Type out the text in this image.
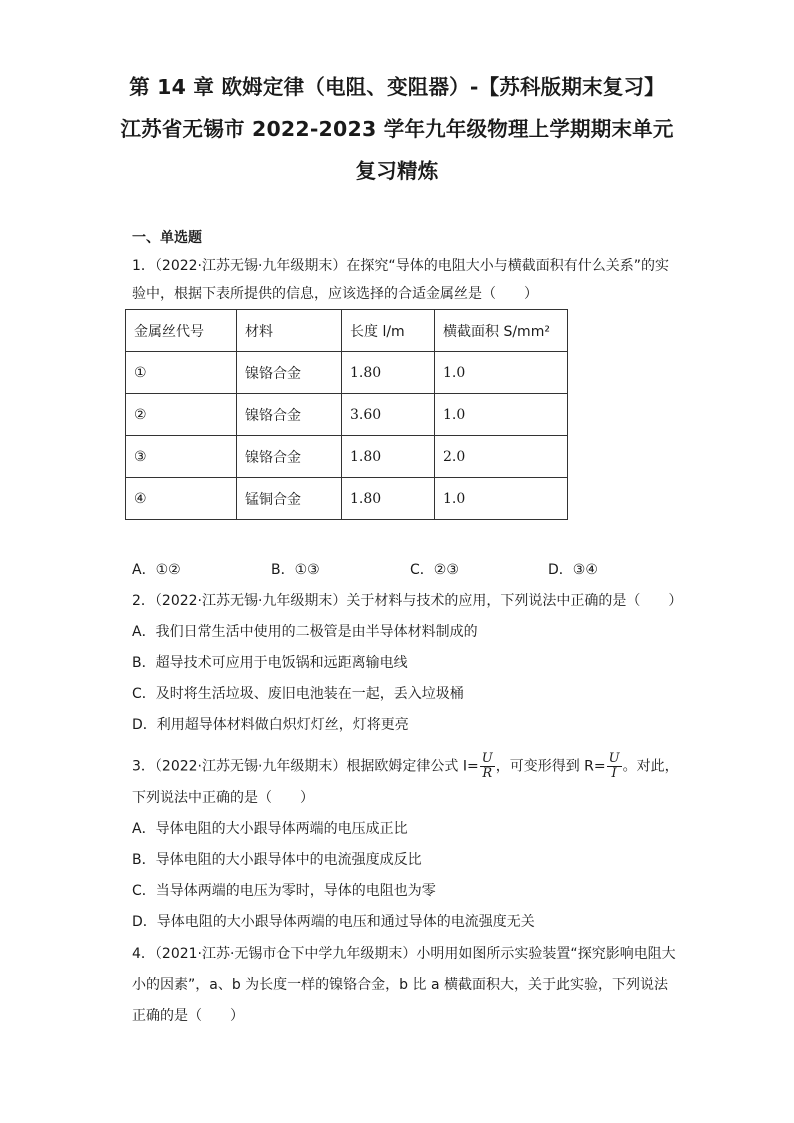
第 14 章 欧姆定律（电阻、变阻器）-【苏科版期末复习】江苏省无锡市 2022-2023 学年九年级物理上学期期末单元复习精炼
一、单选题
1．（2022·江苏无锡·九年级期末）在探究“导体的电阻大小与横截面积有什么关系”的实
验中，根据下表所提供的信息，应该选择的合适金属丝是（　　）
金属丝代号	材料	长度 l/m	横截面积 S/mm²
①	镍铬合金	1.80	1.0
②	镍铬合金	3.60	1.0
③	镍铬合金	1.80	2.0
④	锰铜合金	1.80	1.0
A．①②	B．①③	C．②③	D．③④
2．（2022·江苏无锡·九年级期末）关于材料与技术的应用，下列说法中正确的是（　　）
A．我们日常生活中使用的二极管是由半导体材料制成的
B．超导技术可应用于电饭锅和远距离输电线
C．及时将生活垃圾、废旧电池装在一起，丢入垃圾桶
D．利用超导体材料做白炽灯灯丝，灯将更亮
3．（2022·江苏无锡·九年级期末）根据欧姆定律公式 $I= \frac{U}{R}$ ，可变形得到 $R= \frac{U}{I}$ 。对此，
下列说法中正确的是（　　）
A．导体电阻的大小跟导体两端的电压成正比
B．导体电阻的大小跟导体中的电流强度成反比
C．当导体两端的电压为零时，导体的电阻也为零
D．导体电阻的大小跟导体两端的电压和通过导体的电流强度无关
4．（2021·江苏·无锡市仓下中学九年级期末）小明用如图所示实验装置“探究影响电阻大
小的因素”，a、b 为长度一样的镍铬合金，b 比 a 横截面积大，关于此实验，下列说法
正确的是（　　）
